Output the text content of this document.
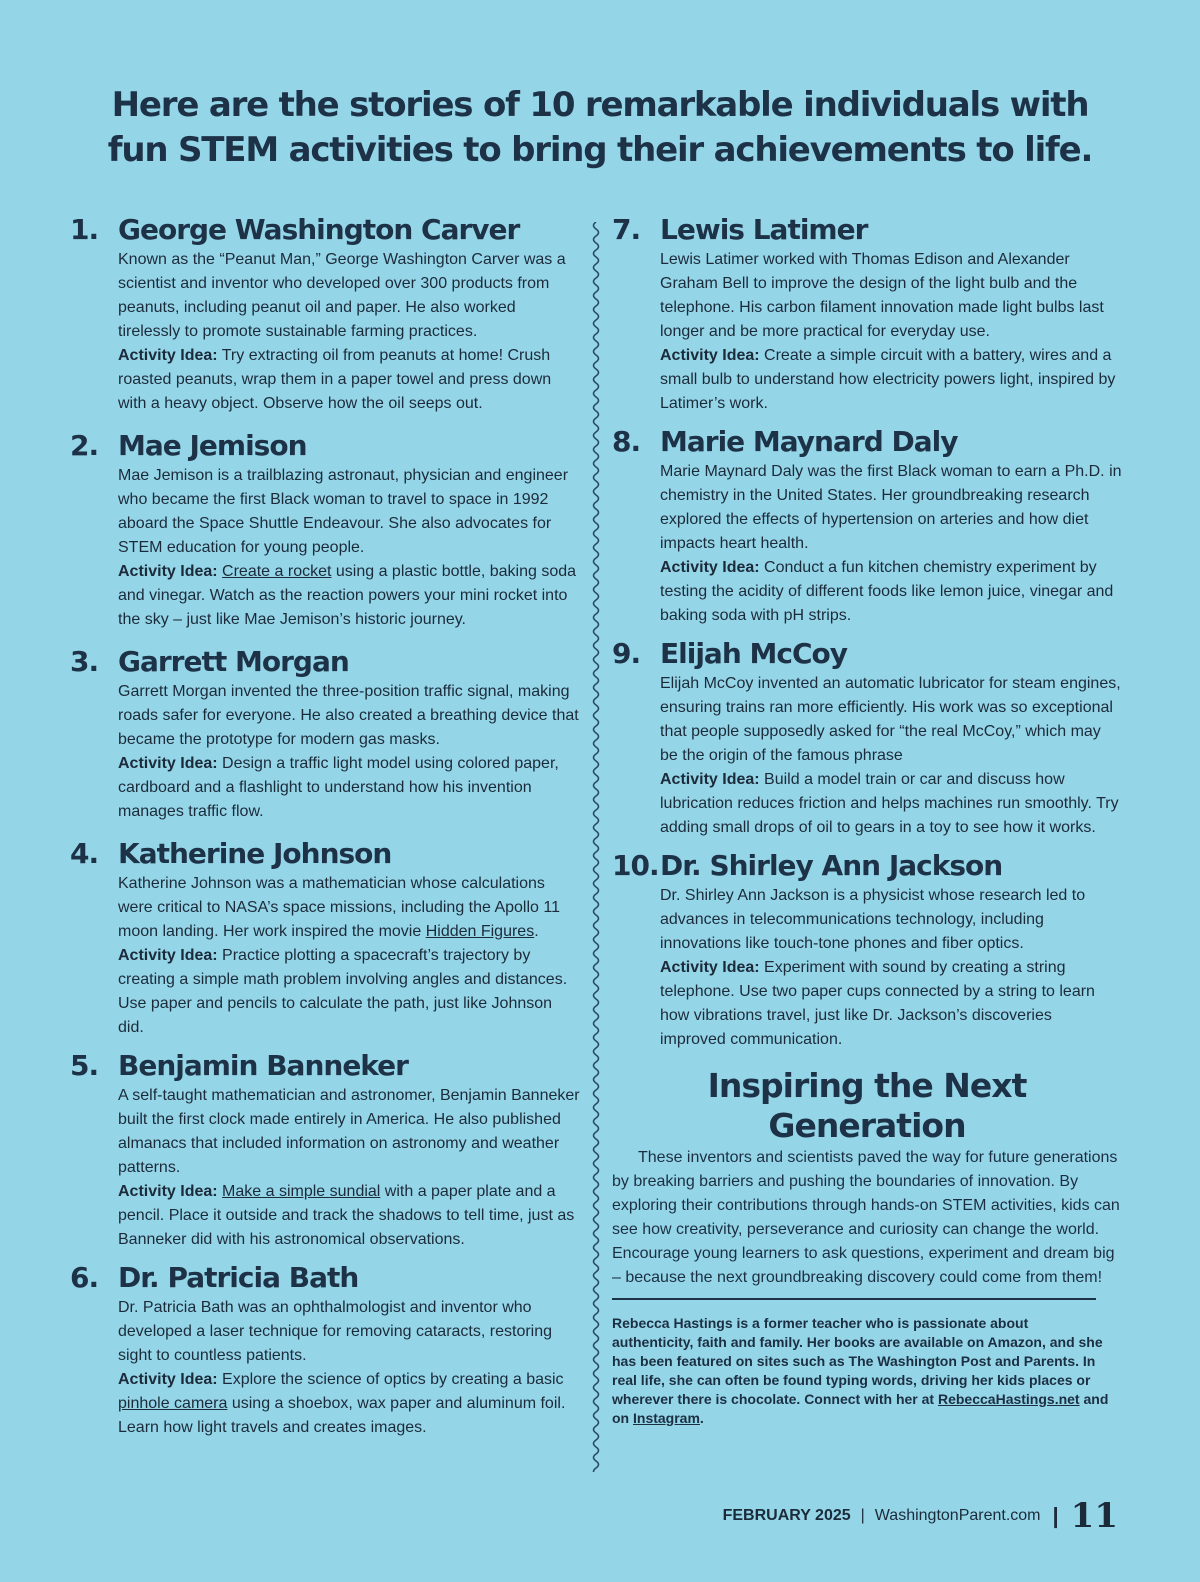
Here are the stories of 10 remarkable individuals with
fun STEM activities to bring their achievements to life.
1. George Washington Carver

Known as the “Peanut Man,” George Washington Carver was a scientist and inventor who developed over 300 products from peanuts, including peanut oil and paper. He also worked tirelessly to promote sustainable farming practices.

Activity Idea: Try extracting oil from peanuts at home! Crush roasted peanuts, wrap them in a paper towel and press down with a heavy object. Observe how the oil seeps out.

2. Mae Jemison

Mae Jemison is a trailblazing astronaut, physician and engineer who became the first Black woman to travel to space in 1992 aboard the Space Shuttle Endeavour. She also advocates for STEM education for young people.

Activity Idea: Create a rocket using a plastic bottle, baking soda and vinegar. Watch as the reaction powers your mini rocket into the sky – just like Mae Jemison’s historic journey.

3. Garrett Morgan

Garrett Morgan invented the three-position traffic signal, making roads safer for everyone. He also created a breathing device that became the prototype for modern gas masks.

Activity Idea: Design a traffic light model using colored paper, cardboard and a flashlight to understand how his invention manages traffic flow.

4. Katherine Johnson

Katherine Johnson was a mathematician whose calculations were critical to NASA’s space missions, including the Apollo 11 moon landing. Her work inspired the movie Hidden Figures.

Activity Idea: Practice plotting a spacecraft’s trajectory by creating a simple math problem involving angles and distances. Use paper and pencils to calculate the path, just like Johnson did.

5. Benjamin Banneker

A self-taught mathematician and astronomer, Benjamin Banneker built the first clock made entirely in America. He also published almanacs that included information on astronomy and weather patterns.

Activity Idea: Make a simple sundial with a paper plate and a pencil. Place it outside and track the shadows to tell time, just as Banneker did with his astronomical observations.

6. Dr. Patricia Bath

Dr. Patricia Bath was an ophthalmologist and inventor who developed a laser technique for removing cataracts, restoring sight to countless patients.

Activity Idea: Explore the science of optics by creating a basic pinhole camera using a shoebox, wax paper and aluminum foil. Learn how light travels and creates images.

7. Lewis Latimer

Lewis Latimer worked with Thomas Edison and Alexander Graham Bell to improve the design of the light bulb and the telephone. His carbon filament innovation made light bulbs last longer and be more practical for everyday use.

Activity Idea: Create a simple circuit with a battery, wires and a small bulb to understand how electricity powers light, inspired by Latimer’s work.

8. Marie Maynard Daly

Marie Maynard Daly was the first Black woman to earn a Ph.D. in chemistry in the United States. Her groundbreaking research explored the effects of hypertension on arteries and how diet impacts heart health.

Activity Idea: Conduct a fun kitchen chemistry experiment by testing the acidity of different foods like lemon juice, vinegar and baking soda with pH strips.

9. Elijah McCoy

Elijah McCoy invented an automatic lubricator for steam engines, ensuring trains ran more efficiently. His work was so exceptional that people supposedly asked for “the real McCoy,” which may be the origin of the famous phrase

Activity Idea: Build a model train or car and discuss how lubrication reduces friction and helps machines run smoothly. Try adding small drops of oil to gears in a toy to see how it works.

10. Dr. Shirley Ann Jackson

Dr. Shirley Ann Jackson is a physicist whose research led to advances in telecommunications technology, including innovations like touch-tone phones and fiber optics.

Activity Idea: Experiment with sound by creating a string telephone. Use two paper cups connected by a string to learn how vibrations travel, just like Dr. Jackson’s discoveries improved communication.

Inspiring the Next
Generation

These inventors and scientists paved the way for future generations by breaking barriers and pushing the boundaries of innovation. By exploring their contributions through hands-on STEM activities, kids can see how creativity, perseverance and curiosity can change the world. Encourage young learners to ask questions, experiment and dream big – because the next groundbreaking discovery could come from them!

Rebecca Hastings is a former teacher who is passionate about authenticity, faith and family. Her books are available on Amazon, and she has been featured on sites such as The Washington Post and Parents. In real life, she can often be found typing words, driving her kids places or wherever there is chocolate. Connect with her at RebeccaHastings.net and on Instagram.

FEBRUARY 2025 | WashingtonParent.com | 11
